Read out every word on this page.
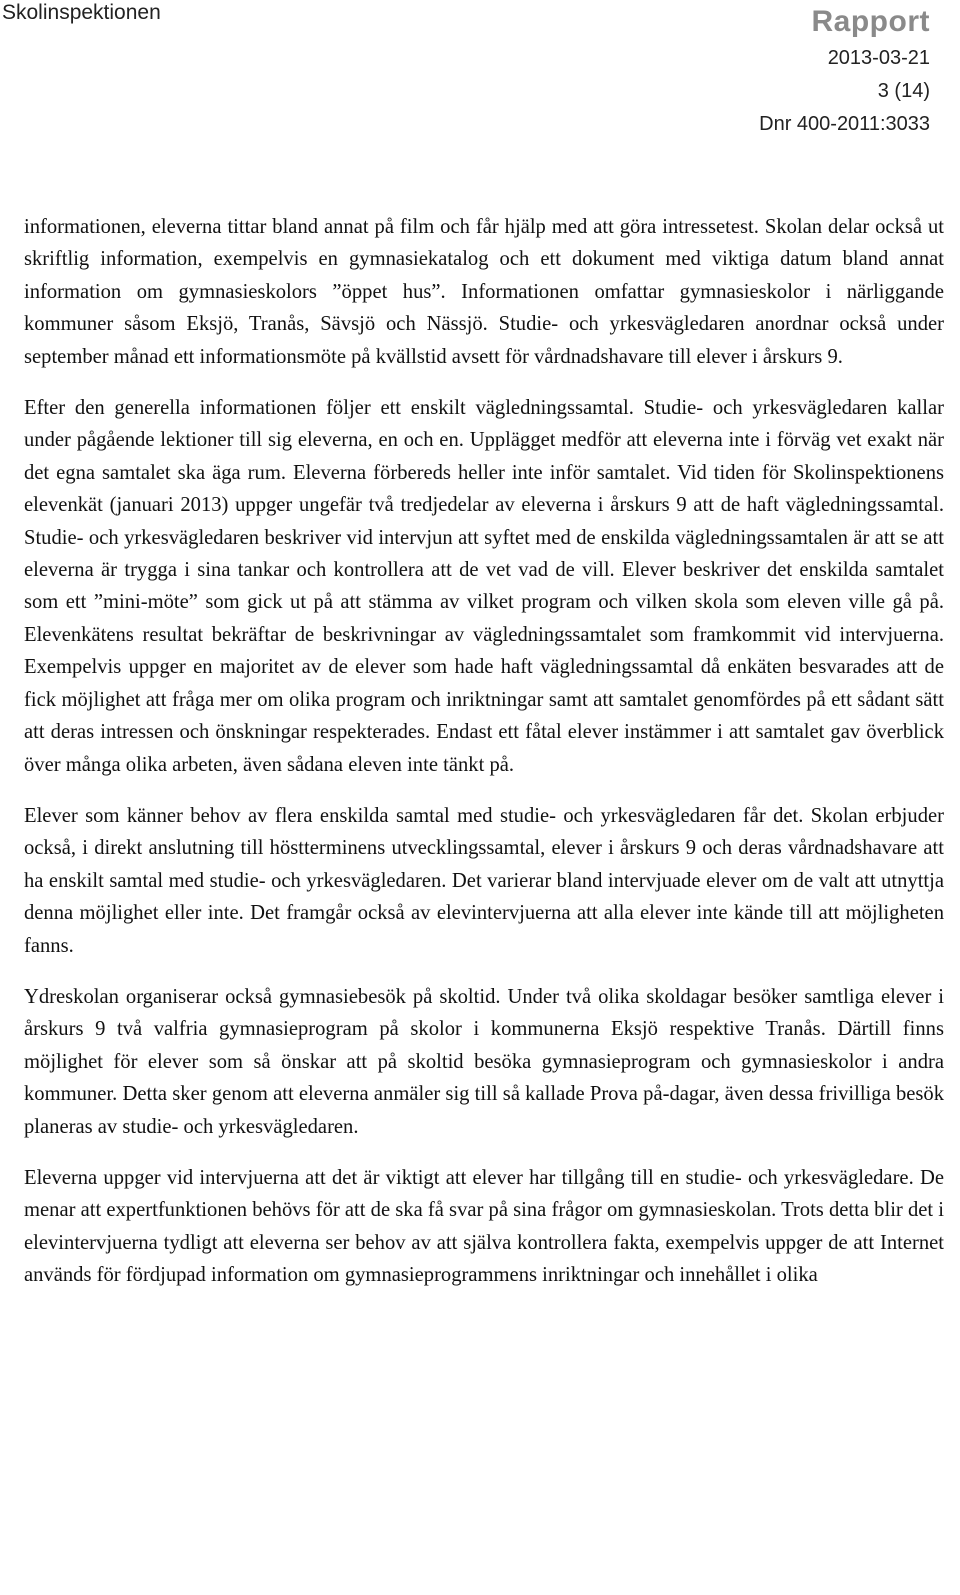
Skolinspektionen	Rapport
2013-03-21
3 (14)
Dnr 400-2011:3033

informationen, eleverna tittar bland annat på film och får hjälp med att göra intressetest. Skolan delar också ut skriftlig information, exempelvis en gymnasiekatalog och ett dokument med viktiga datum bland annat information om gymnasieskolors ”öppet hus”. Informationen omfattar gymnasieskolor i närliggande kommuner såsom Eksjö, Tranås, Sävsjö och Nässjö. Studie- och yrkesvägledaren anordnar också under september månad ett informationsmöte på kvällstid avsett för vårdnadshavare till elever i årskurs 9.

Efter den generella informationen följer ett enskilt vägledningssamtal. Studie- och yrkesvägledaren kallar under pågående lektioner till sig eleverna, en och en. Upplägget medför att eleverna inte i förväg vet exakt när det egna samtalet ska äga rum. Eleverna förbereds heller inte inför samtalet. Vid tiden för Skolinspektionens elevenkät (januari 2013) uppger ungefär två tredjedelar av eleverna i årskurs 9 att de haft vägledningssamtal. Studie- och yrkesvägledaren beskriver vid intervjun att syftet med de enskilda vägledningssamtalen är att se att eleverna är trygga i sina tankar och kontrollera att de vet vad de vill. Elever beskriver det enskilda samtalet som ett ”mini-möte” som gick ut på att stämma av vilket program och vilken skola som eleven ville gå på. Elevenkätens resultat bekräftar de beskrivningar av vägledningssamtalet som framkommit vid intervjuerna. Exempelvis uppger en majoritet av de elever som hade haft vägledningssamtal då enkäten besvarades att de fick möjlighet att fråga mer om olika program och inriktningar samt att samtalet genomfördes på ett sådant sätt att deras intressen och önskningar respekterades. Endast ett fåtal elever instämmer i att samtalet gav överblick över många olika arbeten, även sådana eleven inte tänkt på.

Elever som känner behov av flera enskilda samtal med studie- och yrkesvägledaren får det. Skolan erbjuder också, i direkt anslutning till höstterminens utvecklingssamtal, elever i årskurs 9 och deras vårdnadshavare att ha enskilt samtal med studie- och yrkesvägledaren. Det varierar bland intervjuade elever om de valt att utnyttja denna möjlighet eller inte. Det framgår också av elevintervjuerna att alla elever inte kände till att möjligheten fanns.

Ydreskolan organiserar också gymnasiebesök på skoltid. Under två olika skoldagar besöker samtliga elever i årskurs 9 två valfria gymnasieprogram på skolor i kommunerna Eksjö respektive Tranås. Därtill finns möjlighet för elever som så önskar att på skoltid besöka gymnasieprogram och gymnasieskolor i andra kommuner. Detta sker genom att eleverna anmäler sig till så kallade Prova på-dagar, även dessa frivilliga besök planeras av studie- och yrkesvägledaren.

Eleverna uppger vid intervjuerna att det är viktigt att elever har tillgång till en studie- och yrkesvägledare. De menar att expertfunktionen behövs för att de ska få svar på sina frågor om gymnasieskolan. Trots detta blir det i elevintervjuerna tydligt att eleverna ser behov av att själva kontrollera fakta, exempelvis uppger de att Internet används för fördjupad information om gymnasieprogrammens inriktningar och innehållet i olika
